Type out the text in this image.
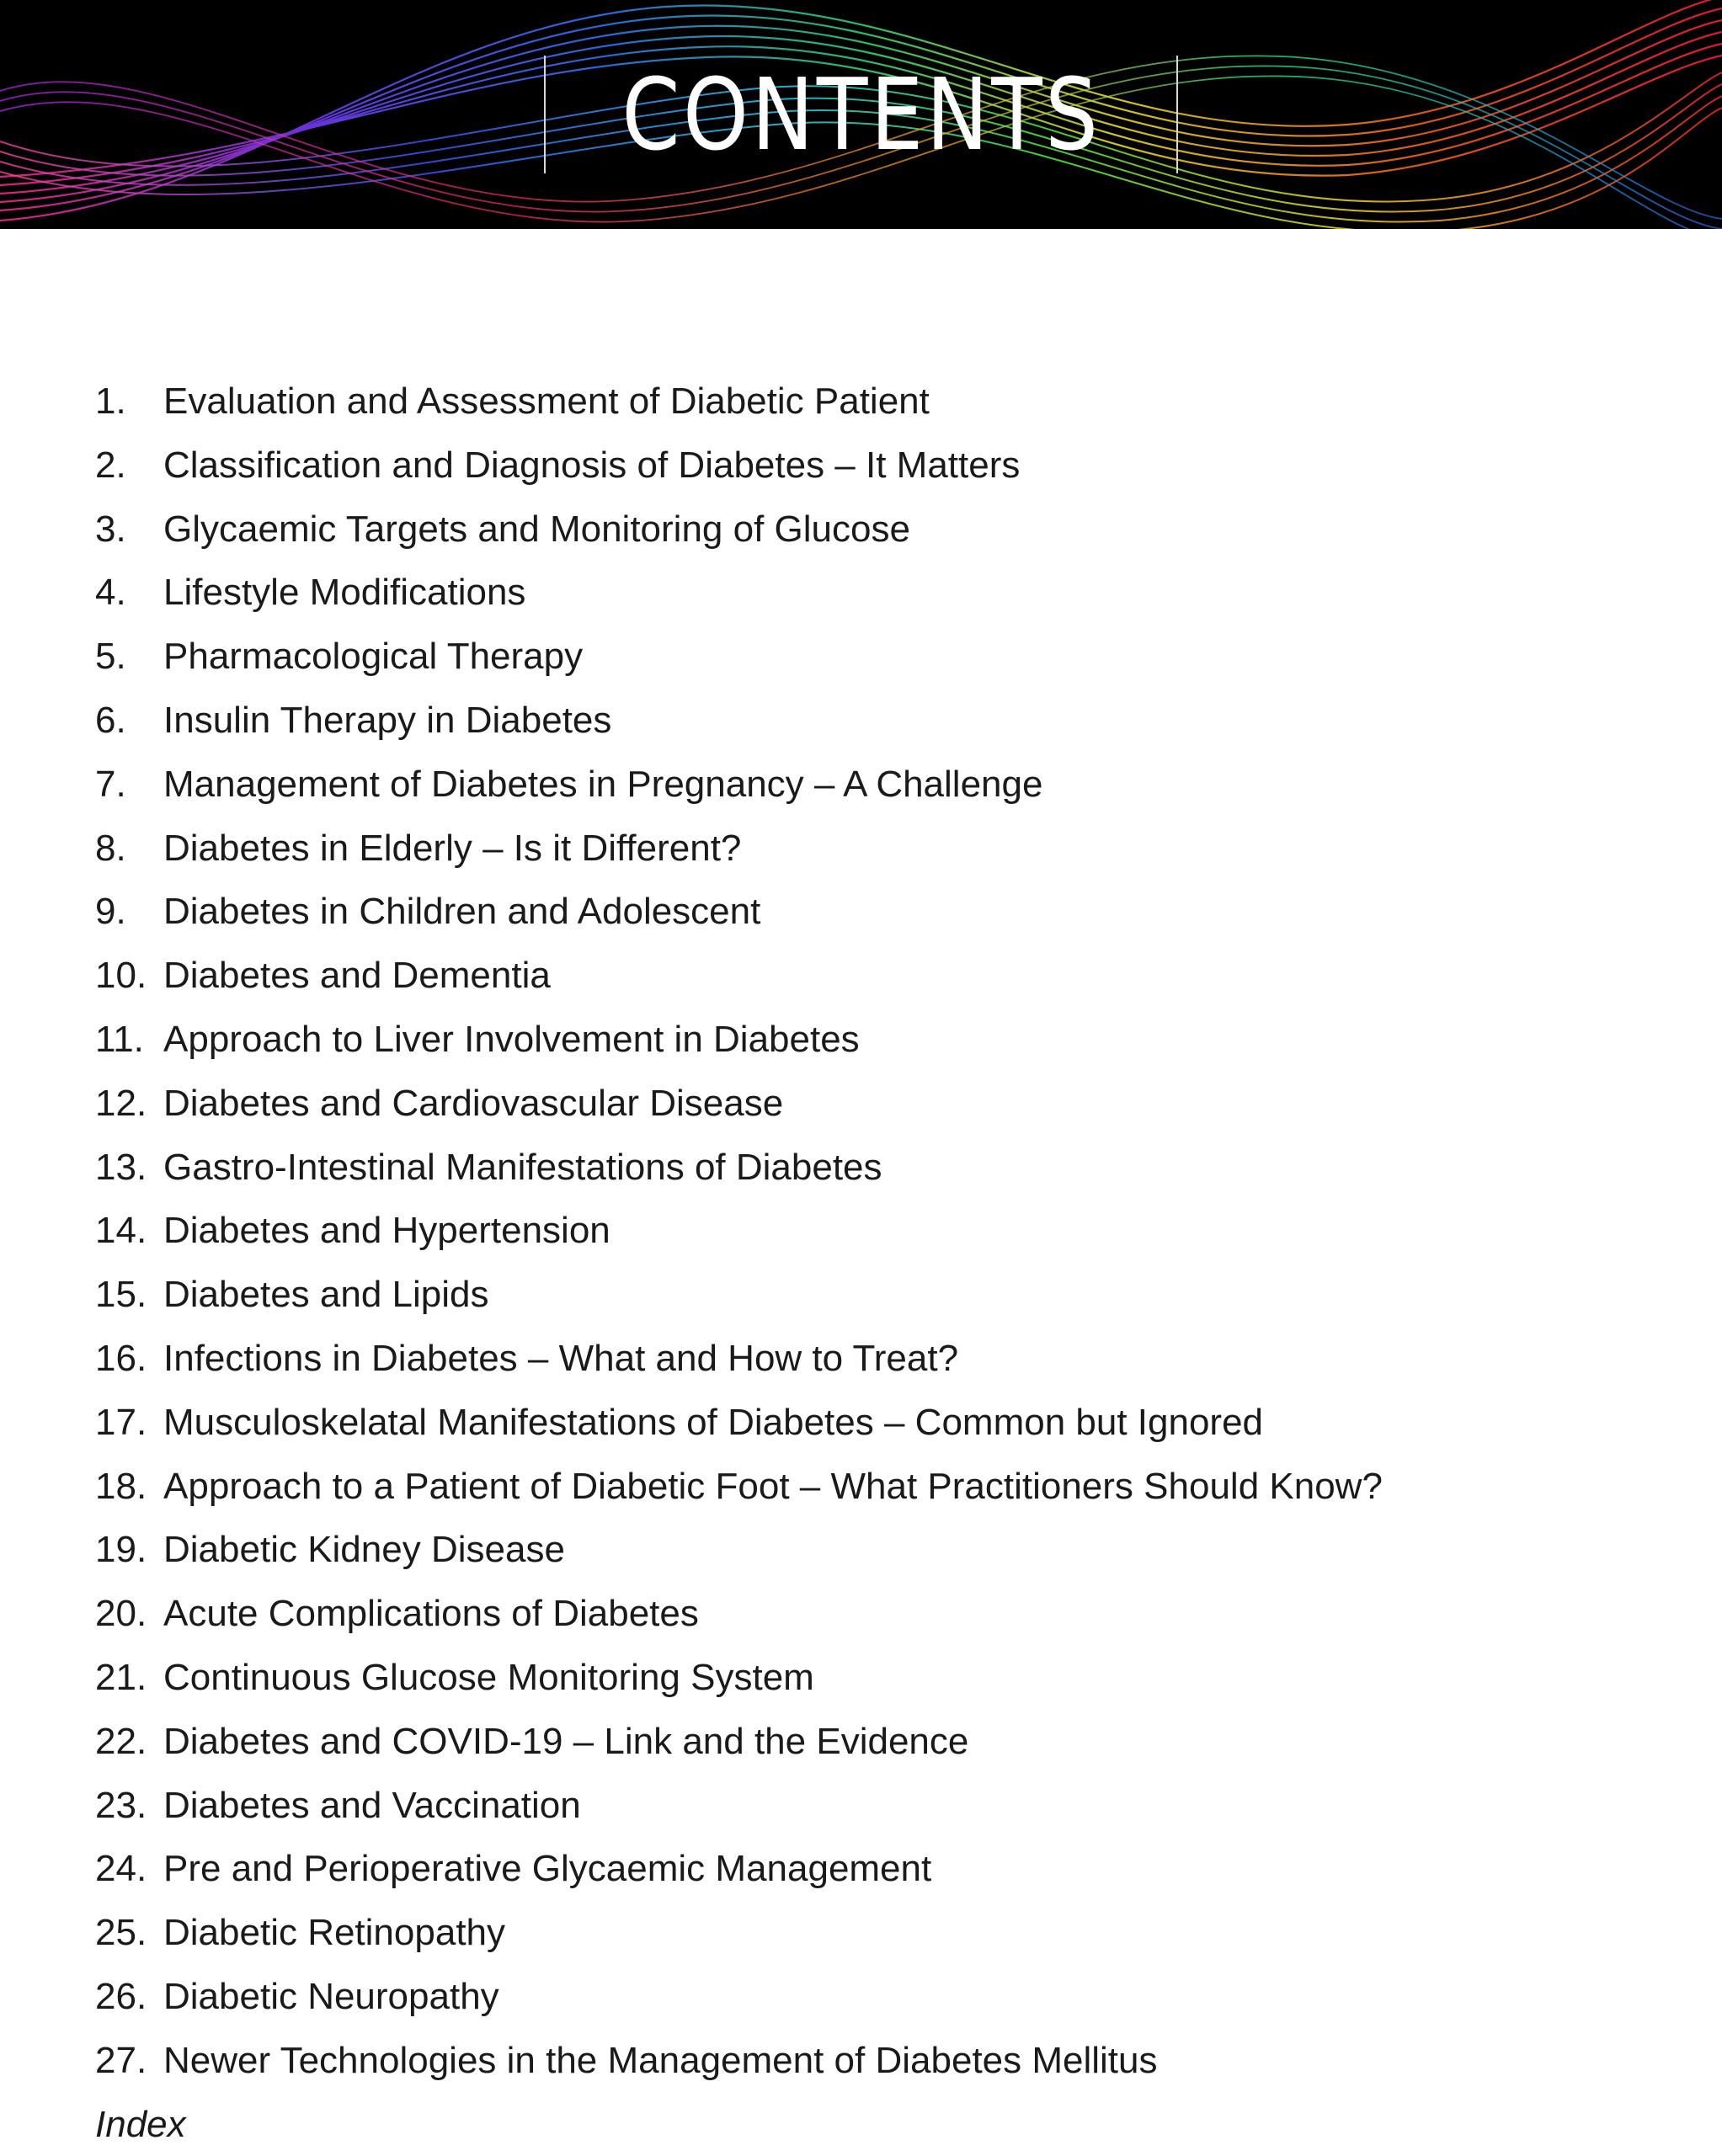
CONTENTS
1. Evaluation and Assessment of Diabetic Patient
2. Classification and Diagnosis of Diabetes – It Matters
3. Glycaemic Targets and Monitoring of Glucose
4. Lifestyle Modifications
5. Pharmacological Therapy
6. Insulin Therapy in Diabetes
7. Management of Diabetes in Pregnancy – A Challenge
8. Diabetes in Elderly – Is it Different?
9. Diabetes in Children and Adolescent
10. Diabetes and Dementia
11. Approach to Liver Involvement in Diabetes
12. Diabetes and Cardiovascular Disease
13. Gastro-Intestinal Manifestations of Diabetes
14. Diabetes and Hypertension
15. Diabetes and Lipids
16. Infections in Diabetes – What and How to Treat?
17. Musculoskelatal Manifestations of Diabetes – Common but Ignored
18. Approach to a Patient of Diabetic Foot – What Practitioners Should Know?
19. Diabetic Kidney Disease
20. Acute Complications of Diabetes
21. Continuous Glucose Monitoring System
22. Diabetes and COVID-19 – Link and the Evidence
23. Diabetes and Vaccination
24. Pre and Perioperative Glycaemic Management
25. Diabetic Retinopathy
26. Diabetic Neuropathy
27. Newer Technologies in the Management of Diabetes Mellitus
Index
